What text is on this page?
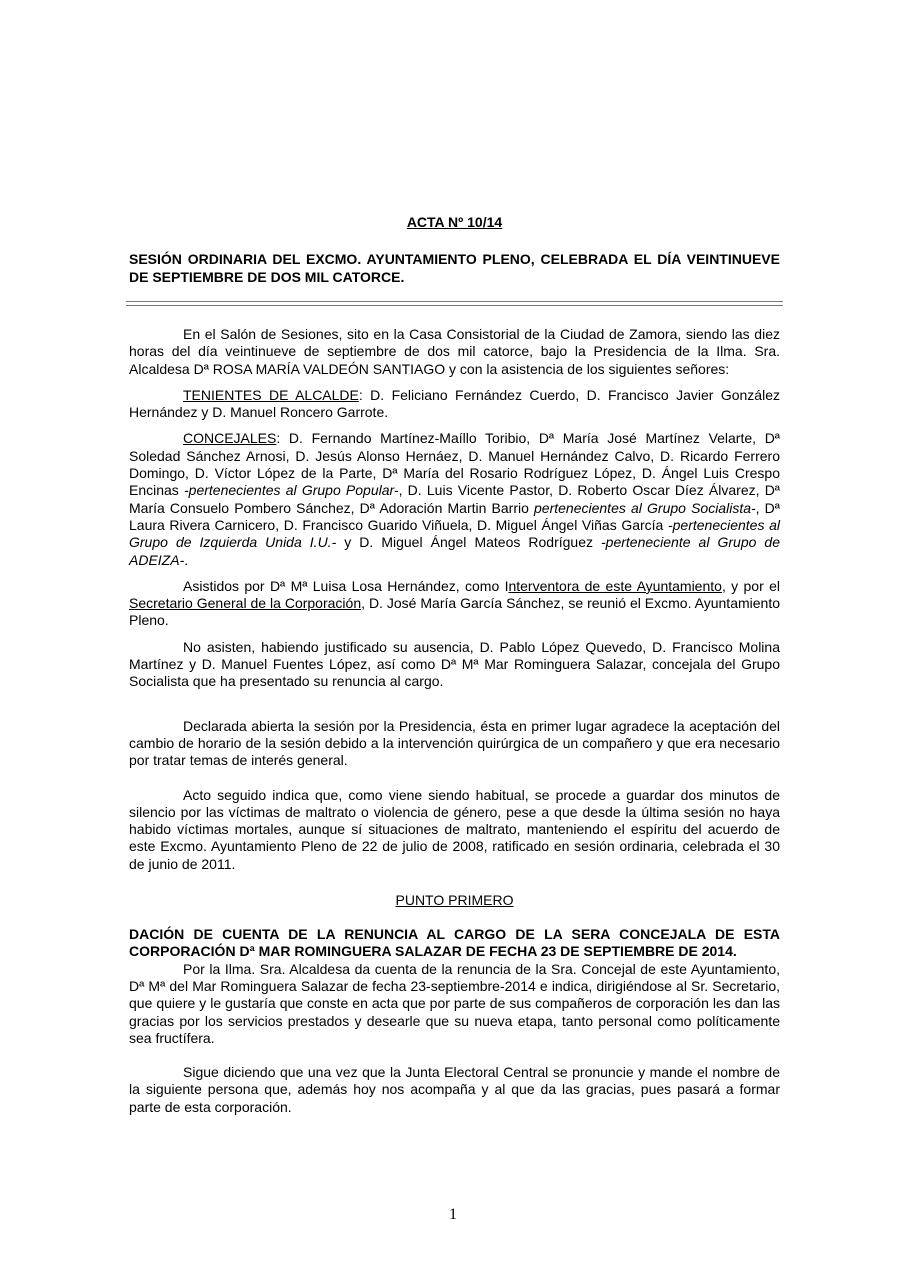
ACTA Nº 10/14
SESIÓN ORDINARIA DEL EXCMO. AYUNTAMIENTO PLENO, CELEBRADA EL DÍA VEINTINUEVE DE SEPTIEMBRE DE DOS MIL CATORCE.

En el Salón de Sesiones, sito en la Casa Consistorial de la Ciudad de Zamora, siendo las diez horas del día veintinueve de septiembre de dos mil catorce, bajo la Presidencia de la Ilma. Sra. Alcaldesa Dª ROSA MARÍA VALDEÓN SANTIAGO y con la asistencia de los siguientes señores:

TENIENTES DE ALCALDE: D. Feliciano Fernández Cuerdo, D. Francisco Javier González Hernández y D. Manuel Roncero Garrote.

CONCEJALES: D. Fernando Martínez-Maíllo Toribio, Dª María José Martínez Velarte, Dª Soledad Sánchez Arnosi, D. Jesús Alonso Hernáez, D. Manuel Hernández Calvo, D. Ricardo Ferrero Domingo, D. Víctor López de la Parte, Dª María del Rosario Rodríguez López, D. Ángel Luis Crespo Encinas -pertenecientes al Grupo Popular-, D. Luis Vicente Pastor, D. Roberto Oscar Díez Álvarez, Dª María Consuelo Pombero Sánchez, Dª Adoración Martin Barrio pertenecientes al Grupo Socialista-, Dª Laura Rivera Carnicero, D. Francisco Guarido Viñuela, D. Miguel Ángel Viñas García -pertenecientes al Grupo de Izquierda Unida I.U.- y D. Miguel Ángel Mateos Rodríguez -perteneciente al Grupo de ADEIZA-.

Asistidos por Dª Mª Luisa Losa Hernández, como Interventora de este Ayuntamiento, y por el Secretario General de la Corporación, D. José María García Sánchez, se reunió el Excmo. Ayuntamiento Pleno.

No asisten, habiendo justificado su ausencia, D. Pablo López Quevedo, D. Francisco Molina Martínez y D. Manuel Fuentes López, así como Dª Mª Mar Rominguera Salazar, concejala del Grupo Socialista que ha presentado su renuncia al cargo.

Declarada abierta la sesión por la Presidencia, ésta en primer lugar agradece la aceptación del cambio de horario de la sesión debido a la intervención quirúrgica de un compañero y que era necesario por tratar temas de interés general.

Acto seguido indica que, como viene siendo habitual, se procede a guardar dos minutos de silencio por las víctimas de maltrato o violencia de género, pese a que desde la última sesión no haya habido víctimas mortales, aunque sí situaciones de maltrato, manteniendo el espíritu del acuerdo de este Excmo. Ayuntamiento Pleno de 22 de julio de 2008, ratificado en sesión ordinaria, celebrada el 30 de junio de 2011.

PUNTO PRIMERO
DACIÓN DE CUENTA DE LA RENUNCIA AL CARGO DE LA SERA CONCEJALA DE ESTA CORPORACIÓN Dª MAR ROMINGUERA SALAZAR DE FECHA 23 DE SEPTIEMBRE DE 2014.

Por la Ilma. Sra. Alcaldesa da cuenta de la renuncia de la Sra. Concejal de este Ayuntamiento, Dª Mª del Mar Rominguera Salazar de fecha 23-septiembre-2014 e indica, dirigiéndose al Sr. Secretario, que quiere y le gustaría que conste en acta que por parte de sus compañeros de corporación les dan las gracias por los servicios prestados y desearle que su nueva etapa, tanto personal como políticamente sea fructífera.

Sigue diciendo que una vez que la Junta Electoral Central se pronuncie y mande el nombre de la siguiente persona que, además hoy nos acompaña y al que da las gracias, pues pasará a formar parte de esta corporación.

1
